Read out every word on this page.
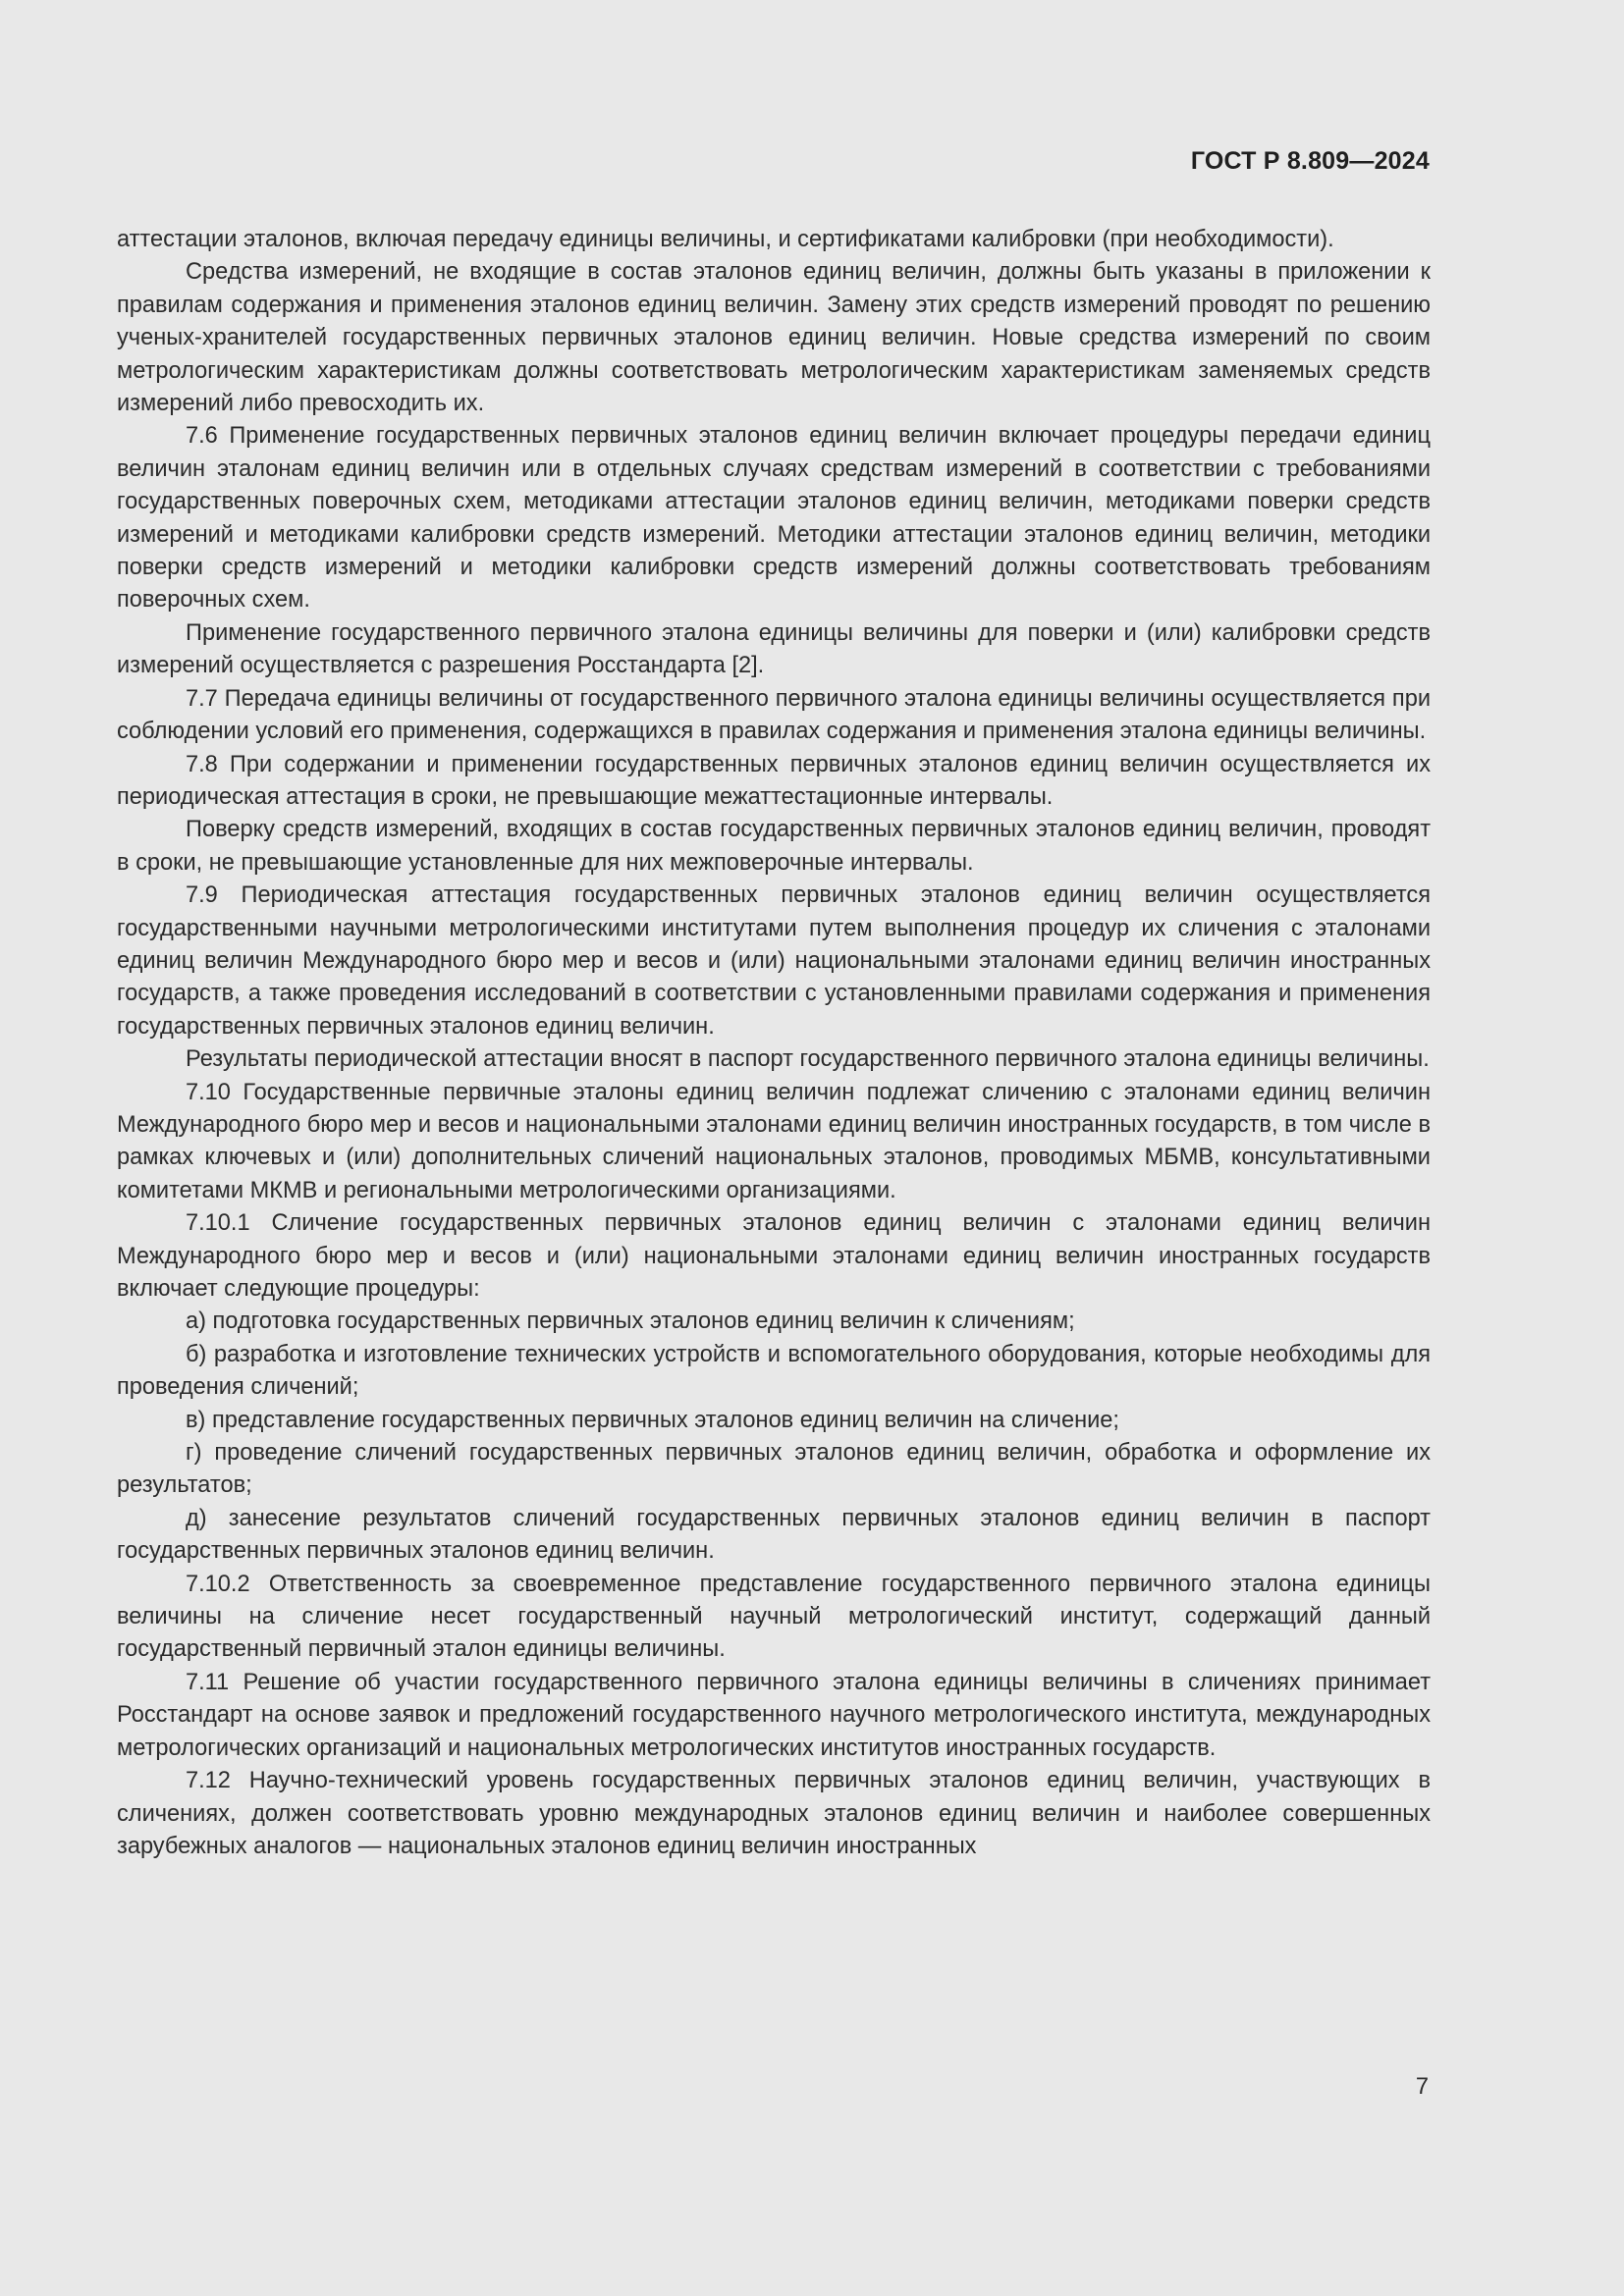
ГОСТ Р 8.809—2024

аттестации эталонов, включая передачу единицы величины, и сертификатами калибровки (при необходимости).

Средства измерений, не входящие в состав эталонов единиц величин, должны быть указаны в приложении к правилам содержания и применения эталонов единиц величин. Замену этих средств измерений проводят по решению ученых-хранителей государственных первичных эталонов единиц величин. Новые средства измерений по своим метрологическим характеристикам должны соответствовать метрологическим характеристикам заменяемых средств измерений либо превосходить их.

7.6 Применение государственных первичных эталонов единиц величин включает процедуры передачи единиц величин эталонам единиц величин или в отдельных случаях средствам измерений в соответствии с требованиями государственных поверочных схем, методиками аттестации эталонов единиц величин, методиками поверки средств измерений и методиками калибровки средств измерений. Методики аттестации эталонов единиц величин, методики поверки средств измерений и методики калибровки средств измерений должны соответствовать требованиям поверочных схем.

Применение государственного первичного эталона единицы величины для поверки и (или) калибровки средств измерений осуществляется с разрешения Росстандарта [2].

7.7 Передача единицы величины от государственного первичного эталона единицы величины осуществляется при соблюдении условий его применения, содержащихся в правилах содержания и применения эталона единицы величины.

7.8 При содержании и применении государственных первичных эталонов единиц величин осуществляется их периодическая аттестация в сроки, не превышающие межаттестационные интервалы.

Поверку средств измерений, входящих в состав государственных первичных эталонов единиц величин, проводят в сроки, не превышающие установленные для них межповерочные интервалы.

7.9 Периодическая аттестация государственных первичных эталонов единиц величин осуществляется государственными научными метрологическими институтами путем выполнения процедур их сличения с эталонами единиц величин Международного бюро мер и весов и (или) национальными эталонами единиц величин иностранных государств, а также проведения исследований в соответствии с установленными правилами содержания и применения государственных первичных эталонов единиц величин.

Результаты периодической аттестации вносят в паспорт государственного первичного эталона единицы величины.

7.10 Государственные первичные эталоны единиц величин подлежат сличению с эталонами единиц величин Международного бюро мер и весов и национальными эталонами единиц величин иностранных государств, в том числе в рамках ключевых и (или) дополнительных сличений национальных эталонов, проводимых МБМВ, консультативными комитетами МКМВ и региональными метрологическими организациями.

7.10.1 Сличение государственных первичных эталонов единиц величин с эталонами единиц величин Международного бюро мер и весов и (или) национальными эталонами единиц величин иностранных государств включает следующие процедуры:

а) подготовка государственных первичных эталонов единиц величин к сличениям;

б) разработка и изготовление технических устройств и вспомогательного оборудования, которые необходимы для проведения сличений;

в) представление государственных первичных эталонов единиц величин на сличение;

г) проведение сличений государственных первичных эталонов единиц величин, обработка и оформление их результатов;

д) занесение результатов сличений государственных первичных эталонов единиц величин в паспорт государственных первичных эталонов единиц величин.

7.10.2 Ответственность за своевременное представление государственного первичного эталона единицы величины на сличение несет государственный научный метрологический институт, содержащий данный государственный первичный эталон единицы величины.

7.11 Решение об участии государственного первичного эталона единицы величины в сличениях принимает Росстандарт на основе заявок и предложений государственного научного метрологического института, международных метрологических организаций и национальных метрологических институтов иностранных государств.

7.12 Научно-технический уровень государственных первичных эталонов единиц величин, участвующих в сличениях, должен соответствовать уровню международных эталонов единиц величин и наиболее совершенных зарубежных аналогов — национальных эталонов единиц величин иностранных

7
